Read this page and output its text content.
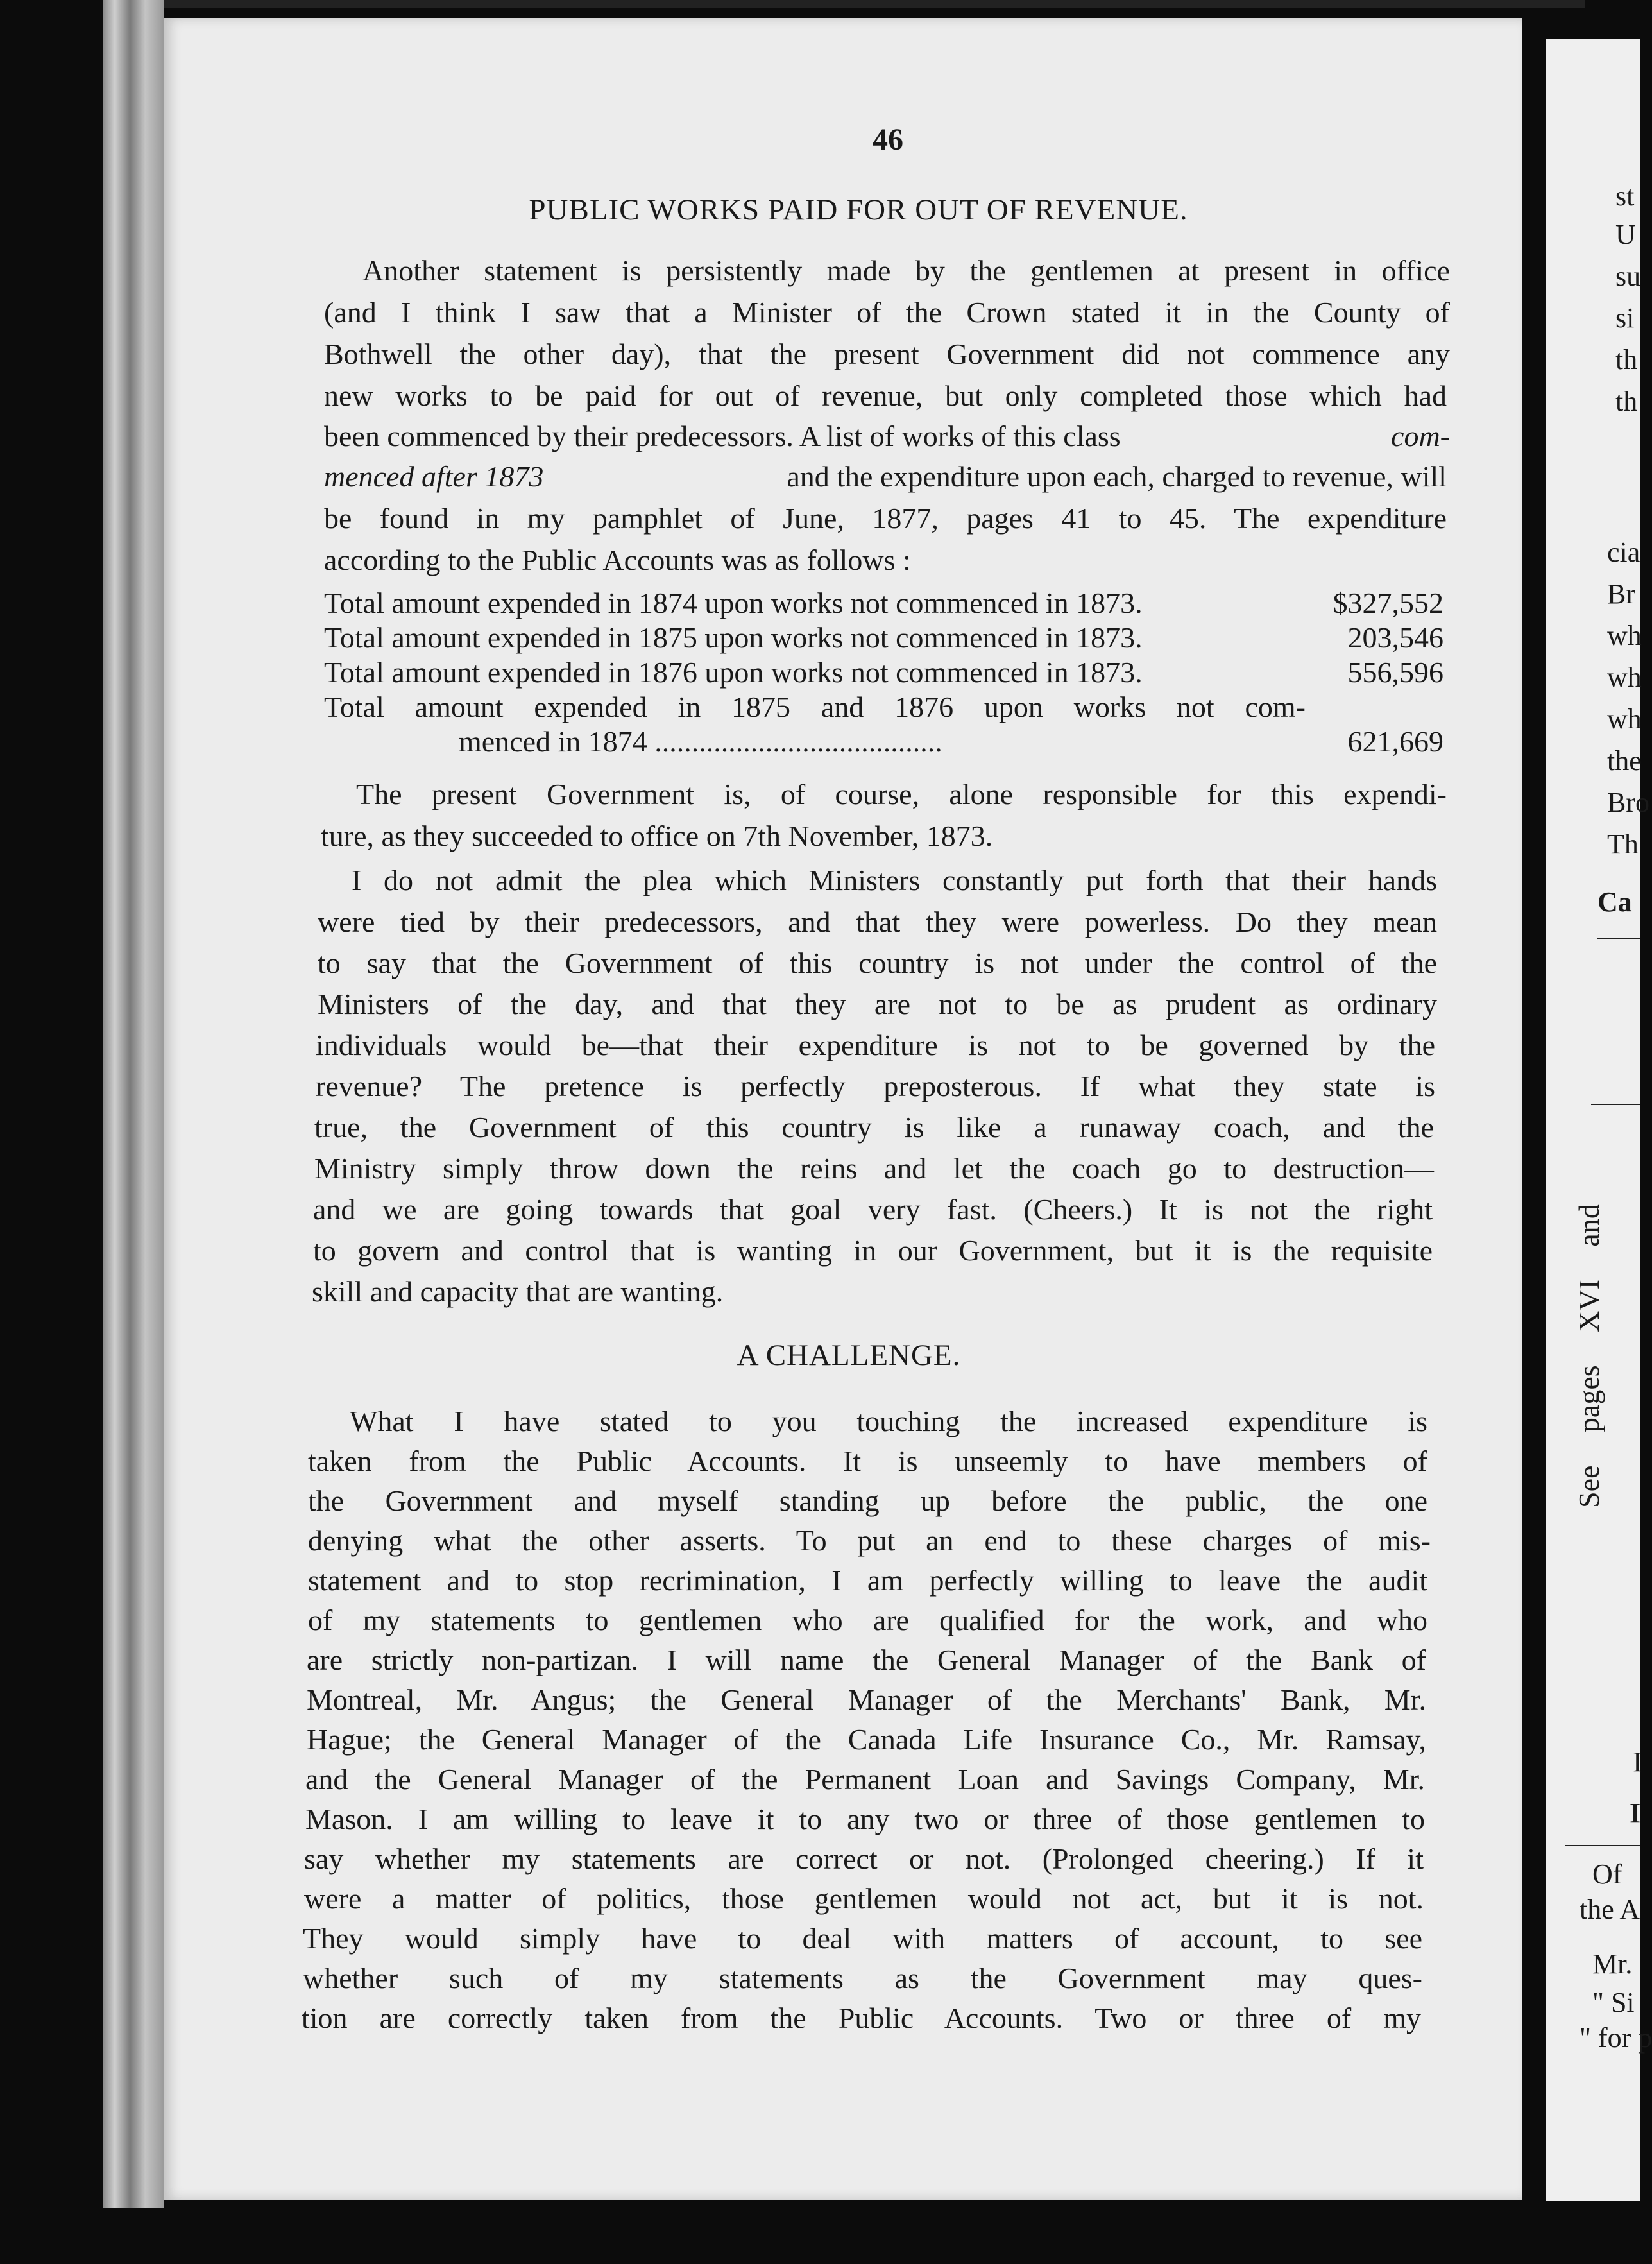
st
U
su
si
th
th
cia
Br
wh
wh
wh
the
Bro
Th
Ca
See pages XVI and
I
I
Of
the A
Mr.
" Si
" for p
46
PUBLIC WORKS PAID FOR OUT OF REVENUE.
Another statement is persistently made by the gentlemen at present in office
(and I think I saw that a Minister of the Crown stated it in the County of
Bothwell the other day), that the present Government did not commence any
new works to be paid for out of revenue, but only completed those which had
been commenced by their predecessors. A list of works of this class	com-
menced after 1873	and the expenditure upon each, charged to revenue, will
be found in my pamphlet of June, 1877, pages 41 to 45. The expenditure
according to the Public Accounts was as follows :
Total amount expended in 1874 upon works not commenced in 1873.	$327,552
Total amount expended in 1875 upon works not commenced in 1873.	203,546
Total amount expended in 1876 upon works not commenced in 1873.	556,596
Total amount expended in 1875 and 1876 upon works not com-
menced in 1874 .......................................	621,669
The present Government is, of course, alone responsible for this expendi-
ture, as they succeeded to office on 7th November, 1873.
I do not admit the plea which Ministers constantly put forth that their hands
were tied by their predecessors, and that they were powerless. Do they mean
to say that the Government of this country is not under the control of the
Ministers of the day, and that they are not to be as prudent as ordinary
individuals would be—that their expenditure is not to be governed by the
revenue? The pretence is perfectly preposterous. If what they state is
true, the Government of this country is like a runaway coach, and the
Ministry simply throw down the reins and let the coach go to destruction—
and we are going towards that goal very fast. (Cheers.) It is not the right
to govern and control that is wanting in our Government, but it is the requisite
skill and capacity that are wanting.
A CHALLENGE.
What I have stated to you touching the increased expenditure is
taken from the Public Accounts. It is unseemly to have members of
the Government and myself standing up before the public, the one
denying what the other asserts. To put an end to these charges of mis-
statement and to stop recrimination, I am perfectly willing to leave the audit
of my statements to gentlemen who are qualified for the work, and who
are strictly non-partizan. I will name the General Manager of the Bank of
Montreal, Mr. Angus; the General Manager of the Merchants' Bank, Mr.
Hague; the General Manager of the Canada Life Insurance Co., Mr. Ramsay,
and the General Manager of the Permanent Loan and Savings Company, Mr.
Mason. I am willing to leave it to any two or three of those gentlemen to
say whether my statements are correct or not. (Prolonged cheering.) If it
were a matter of politics, those gentlemen would not act, but it is not.
They would simply have to deal with matters of account, to see
whether such of my statements as the Government may ques-
tion are correctly taken from the Public Accounts. Two or three of my
